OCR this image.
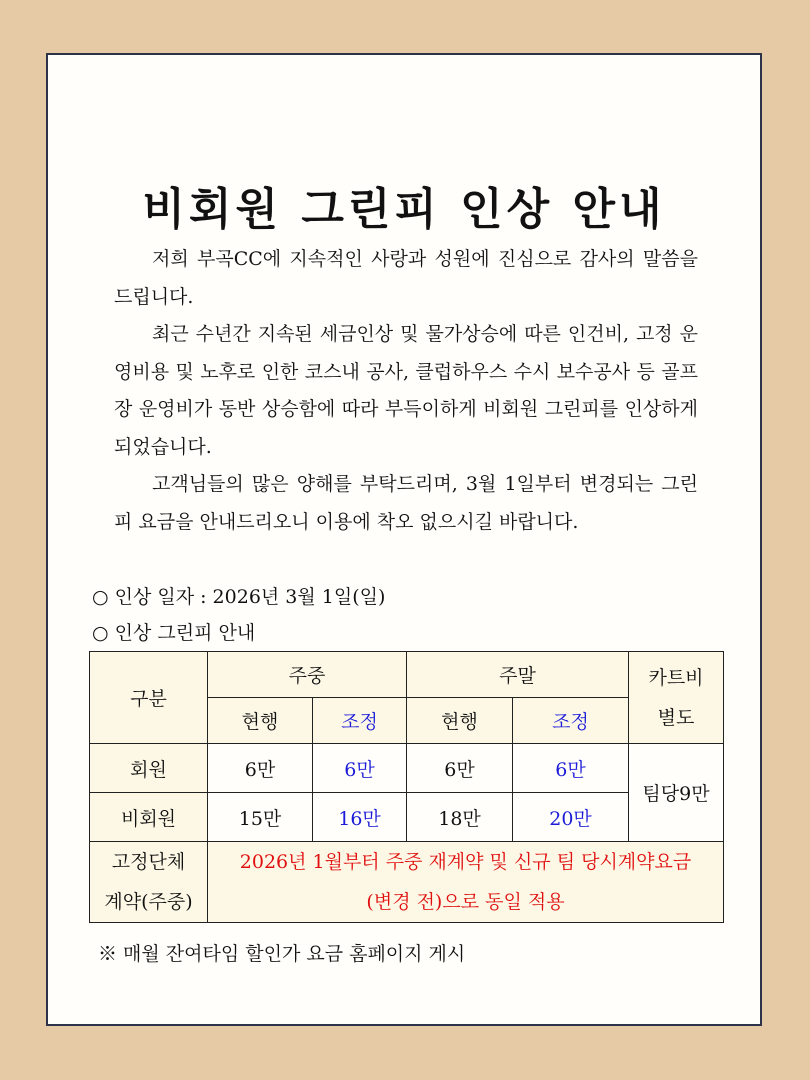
비회원 그린피 인상 안내

저희 부곡CC에 지속적인 사랑과 성원에 진심으로 감사의 말씀을 드립니다.

최근 수년간 지속된 세금인상 및 물가상승에 따른 인건비, 고정 운영비용 및 노후로 인한 코스내 공사, 클럽하우스 수시 보수공사 등 골프장 운영비가 동반 상승함에 따라 부득이하게 비회원 그린피를 인상하게 되었습니다.

고객님들의 많은 양해를 부탁드리며, 3월 1일부터 변경되는 그린피 요금을 안내드리오니 이용에 착오 없으시길 바랍니다.

○ 인상 일자 : 2026년 3월 1일(일)
○ 인상 그린피 안내
구분	주중		주말		카트비
별도
	현행	조정	현행	조정	
회원	6만	6만	6만	6만	팀당9만
비회원	15만	16만	18만	20만	
고정단체
계약(주중)	2026년 1월부터 주중 재계약 및 신규 팀 당시계약요금
(변경 전)으로 동일 적용				
※ 매월 잔여타임 할인가 요금 홈페이지 게시
